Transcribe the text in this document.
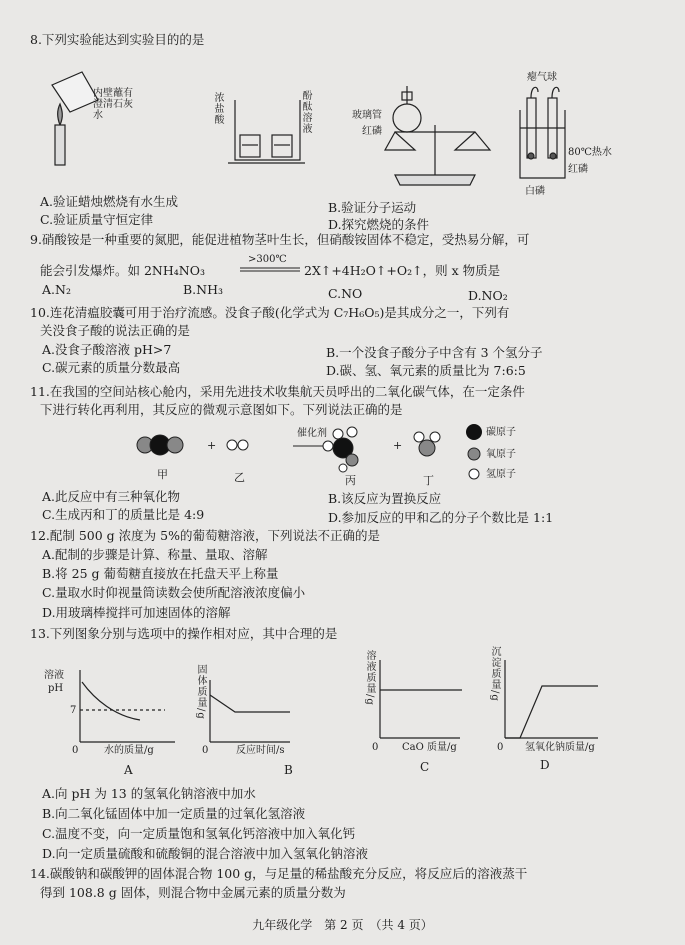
8.下列实验能达到实验目的的是
内壁蘸有澄清石灰水	浓盐酸	酚酞溶液	玻璃管
红磷
瘪气球
80℃热水
红磷
白磷
A.验证蜡烛燃烧有水生成	B.验证分子运动
C.验证质量守恒定律	D.探究燃烧的条件
9.硝酸铵是一种重要的氮肥，能促进植物茎叶生长，但硝酸铵固体不稳定，受热易分解，可
能会引发爆炸。如 2NH₄NO₃
>300℃
2X↑+4H₂O↑+O₂↑，则 x 物质是
A.N₂	B.NH₃	C.NO	D.NO₂
10.连花清瘟胶囊可用于治疗流感。没食子酸(化学式为 C₇H₆O₅)是其成分之一，下列有
关没食子酸的说法正确的是
A.没食子酸溶液 pH>7	B.一个没食子酸分子中含有 3 个氢分子
C.碳元素的质量分数最高	D.碳、氢、氧元素的质量比为 7:6:5
11.在我国的空间站核心舱内，采用先进技术收集航天员呼出的二氧化碳气体，在一定条件
下进行转化再利用，其反应的微观示意图如下。下列说法正确的是
+	+
催化剂
甲	乙	丙	丁
碳原子
氧原子
氢原子
A.此反应中有三种氧化物	B.该反应为置换反应
C.生成丙和丁的质量比是 4:9	D.参加反应的甲和乙的分子个数比是 1:1
12.配制 500 g 浓度为 5%的葡萄糖溶液，下列说法不正确的是
A.配制的步骤是计算、称量、量取、溶解
B.将 25 g 葡萄糖直接放在托盘天平上称量
C.量取水时仰视量筒读数会使所配溶液浓度偏小
D.用玻璃棒搅拌可加速固体的溶解
13.下列图象分别与选项中的操作相对应，其中合理的是
溶液
pH
7
0	水的质量/g
A
固体质量/g
0	反应时间/s
B
溶液质量/g
0 CaO 质量/g
C
沉淀质量/g
0 氢氧化钠质量/g
D
A.向 pH 为 13 的氢氧化钠溶液中加水
B.向二氧化锰固体中加一定质量的过氧化氢溶液
C.温度不变，向一定质量饱和氢氧化钙溶液中加入氧化钙
D.向一定质量硫酸和硫酸铜的混合溶液中加入氢氧化钠溶液
14.碳酸钠和碳酸钾的固体混合物 100 g，与足量的稀盐酸充分反应，将反应后的溶液蒸干
得到 108.8 g 固体，则混合物中金属元素的质量分数为
九年级化学　第 2 页　（共 4 页）
